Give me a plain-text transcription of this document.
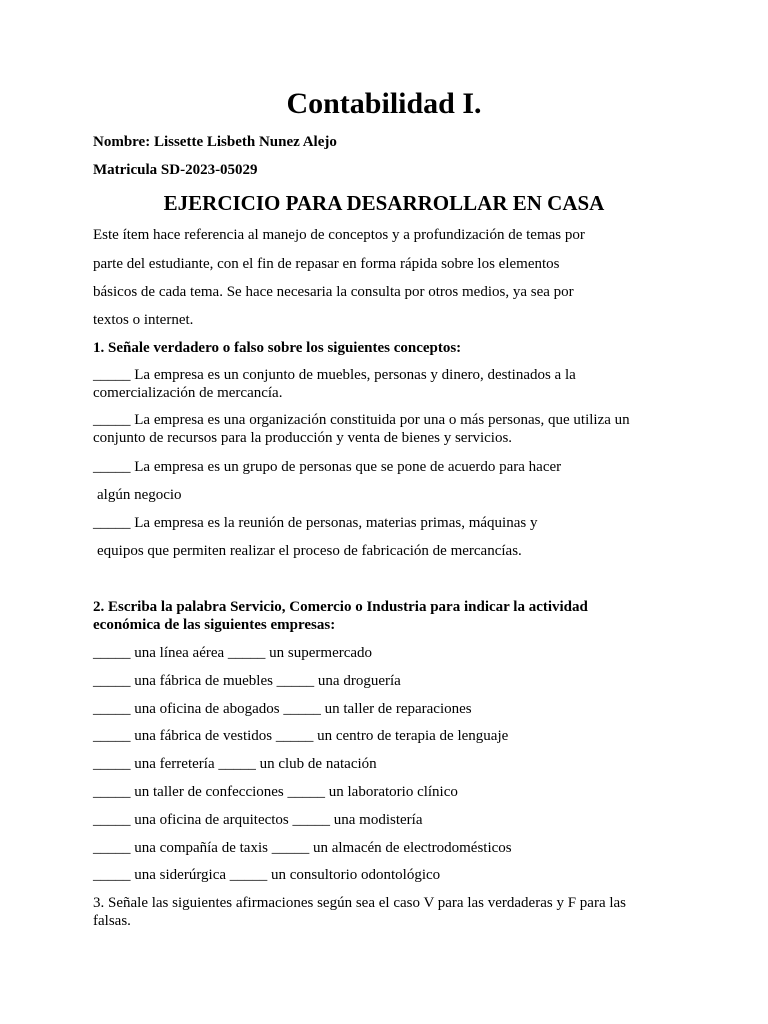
Contabilidad I.

Nombre: Lissette Lisbeth Nunez Alejo

Matricula SD-2023-05029

EJERCICIO PARA DESARROLLAR EN CASA

Este ítem hace referencia al manejo de conceptos y a profundización de temas por

parte del estudiante, con el fin de repasar en forma rápida sobre los elementos

básicos de cada tema. Se hace necesaria la consulta por otros medios, ya sea por

textos o internet.

1. Señale verdadero o falso sobre los siguientes conceptos:

_____ La empresa es un conjunto de muebles, personas y dinero, destinados a la comercialización de mercancía.

_____ La empresa es una organización constituida por una o más personas, que utiliza un conjunto de recursos para la producción y venta de bienes y servicios.

_____ La empresa es un grupo de personas que se pone de acuerdo para hacer

algún negocio

_____ La empresa es la reunión de personas, materias primas, máquinas y

equipos que permiten realizar el proceso de fabricación de mercancías.

2. Escriba la palabra Servicio, Comercio o Industria para indicar la actividad económica de las siguientes empresas:

_____ una línea aérea _____ un supermercado

_____ una fábrica de muebles _____ una droguería

_____ una oficina de abogados _____ un taller de reparaciones

_____ una fábrica de vestidos _____ un centro de terapia de lenguaje

_____ una ferretería _____ un club de natación

_____ un taller de confecciones _____ un laboratorio clínico

_____ una oficina de arquitectos _____ una modistería

_____ una compañía de taxis _____ un almacén de electrodomésticos

_____ una siderúrgica _____ un consultorio odontológico

3. Señale las siguientes afirmaciones según sea el caso V para las verdaderas y F para las falsas.
